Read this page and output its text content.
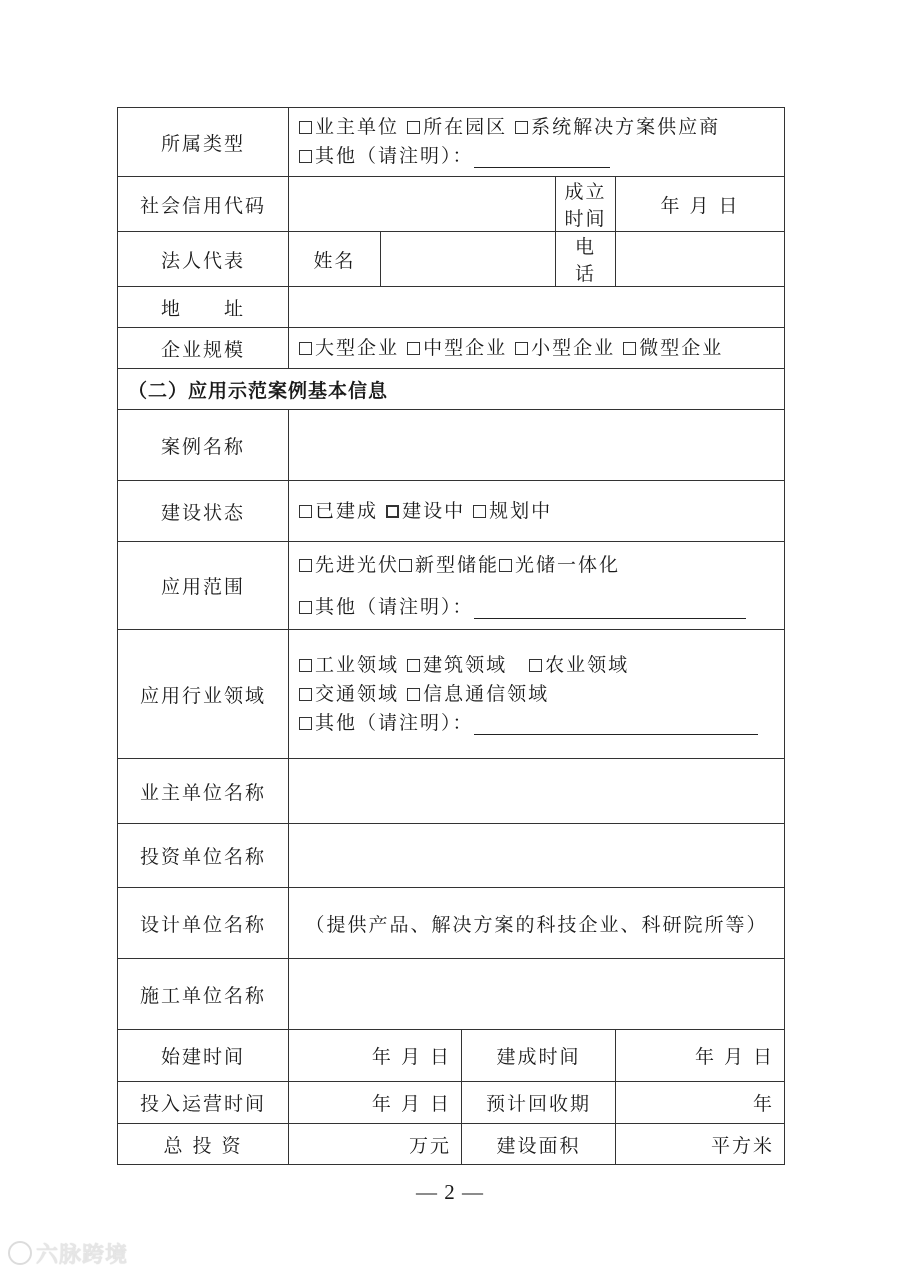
所属类型	业主单位 所在园区 系统解决方案供应商
其他（请注明）：				
社会信用代码				成立时间	年 月 日
法人代表	姓名			电话	
地　　址					
企业规模	大型企业 中型企业 小型企业 微型企业				
（二）应用示范案例基本信息					
案例名称					
建设状态	已建成 建设中 规划中				
应用范围	先进光伏 新型储能 光储一体化
其他（请注明）：				
应用行业领域	工业领域 建筑领域 农业领域
交通领域 信息通信领域
其他（请注明）：				
业主单位名称					
投资单位名称					
设计单位名称	（提供产品、解决方案的科技企业、科研院所等）				
施工单位名称					
始建时间	年 月 日		建成时间		年 月 日
投入运营时间	年 月 日		预计回收期		年
总 投 资	万元		建设面积		平方米
— 2 —
六脉跨境
